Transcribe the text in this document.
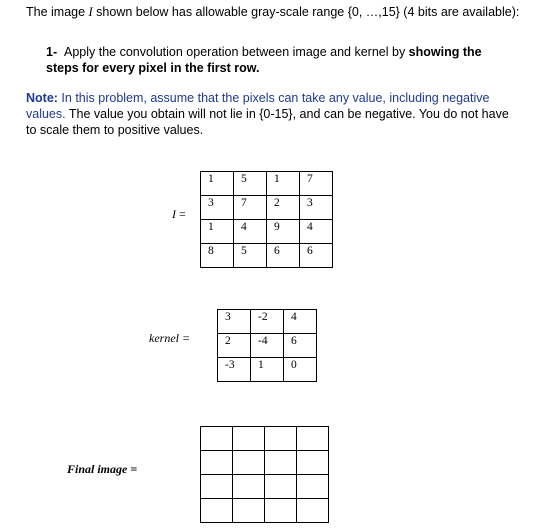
The image I shown below has allowable gray-scale range {0, …,15} (4 bits are available):
1- Apply the convolution operation between image and kernel by showing the steps for every pixel in the first row.
Note: In this problem, assume that the pixels can take any value, including negative values. The value you obtain will not lie in {0-15}, and can be negative. You do not have to scale them to positive values.
I =
1	5	1	7

3	7	2	3

1	4	9	4

8	5	6	6
kernel =
3	-2	4

2	-4	6

-3	1	0
Final image =
